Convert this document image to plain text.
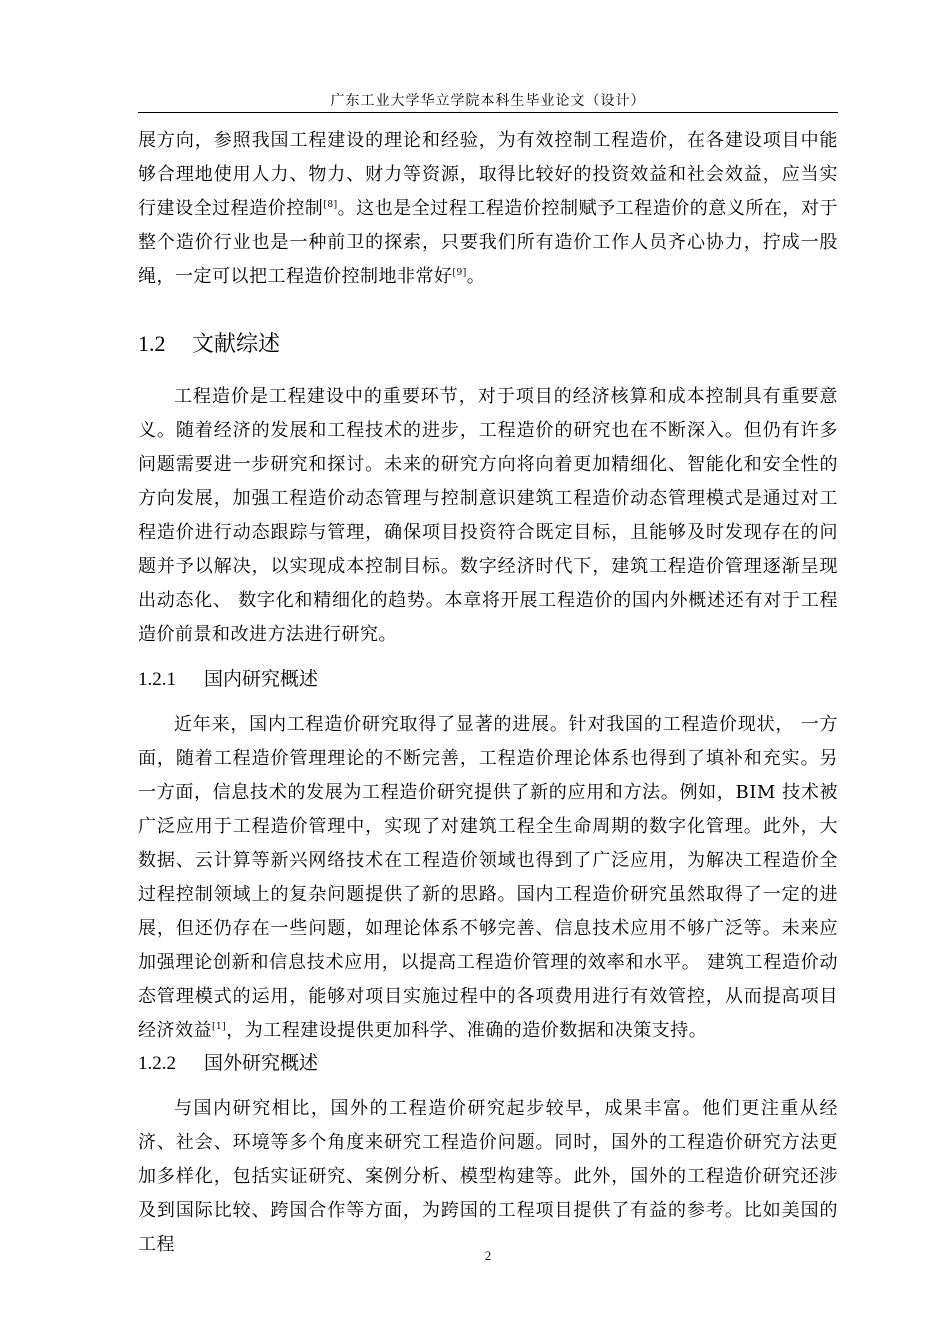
广东工业大学华立学院本科生毕业论文（设计）

展方向，参照我国工程建设的理论和经验，为有效控制工程造价，在各建设项目中能够合理地使用人力、物力、财力等资源，取得比较好的投资效益和社会效益，应当实行建设全过程造价控制[8]。这也是全过程工程造价控制赋予工程造价的意义所在，对于整个造价行业也是一种前卫的探索，只要我们所有造价工作人员齐心协力，拧成一股绳，一定可以把工程造价控制地非常好[9]。

1.2 文献综述

工程造价是工程建设中的重要环节，对于项目的经济核算和成本控制具有重要意义。随着经济的发展和工程技术的进步，工程造价的研究也在不断深入。但仍有许多问题需要进一步研究和探讨。未来的研究方向将向着更加精细化、智能化和安全性的方向发展，加强工程造价动态管理与控制意识建筑工程造价动态管理模式是通过对工程造价进行动态跟踪与管理，确保项目投资符合既定目标，且能够及时发现存在的问题并予以解决，以实现成本控制目标。数字经济时代下，建筑工程造价管理逐渐呈现出动态化、 数字化和精细化的趋势。本章将开展工程造价的国内外概述还有对于工程造价前景和改进方法进行研究。

1.2.1 国内研究概述

近年来，国内工程造价研究取得了显著的进展。针对我国的工程造价现状， 一方面，随着工程造价管理理论的不断完善，工程造价理论体系也得到了填补和充实。另一方面，信息技术的发展为工程造价研究提供了新的应用和方法。例如，BIM 技术被广泛应用于工程造价管理中，实现了对建筑工程全生命周期的数字化管理。此外，大数据、云计算等新兴网络技术在工程造价领域也得到了广泛应用，为解决工程造价全过程控制领域上的复杂问题提供了新的思路。国内工程造价研究虽然取得了一定的进展，但还仍存在一些问题，如理论体系不够完善、信息技术应用不够广泛等。未来应加强理论创新和信息技术应用，以提高工程造价管理的效率和水平。 建筑工程造价动态管理模式的运用，能够对项目实施过程中的各项费用进行有效管控，从而提高项目经济效益[1]，为工程建设提供更加科学、准确的造价数据和决策支持。

1.2.2 国外研究概述

与国内研究相比，国外的工程造价研究起步较早，成果丰富。他们更注重从经济、社会、环境等多个角度来研究工程造价问题。同时，国外的工程造价研究方法更加多样化，包括实证研究、案例分析、模型构建等。此外，国外的工程造价研究还涉及到国际比较、跨国合作等方面，为跨国的工程项目提供了有益的参考。比如美国的工程

2
